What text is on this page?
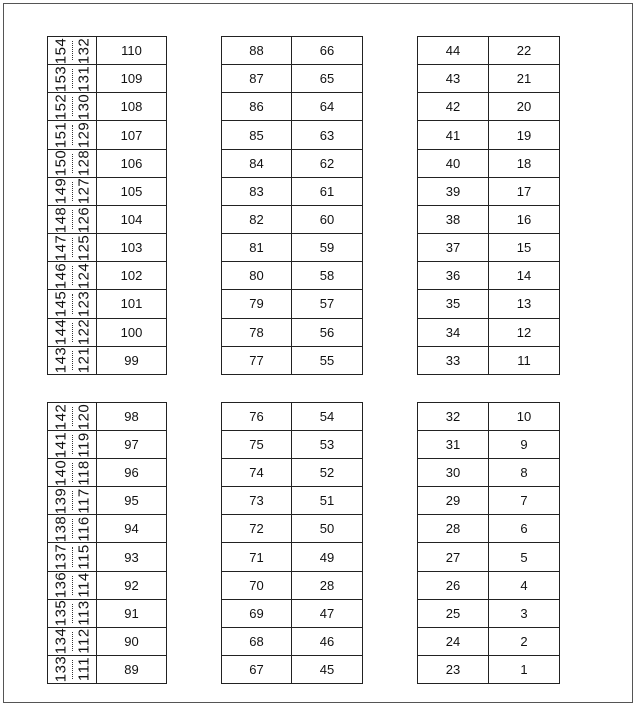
154 132	110

153 131	109

152 130	108

151 129	107

150 128	106

149 127	105

148 126	104

147 125	103

146 124	102

145 123	101

144 122	100

143 121	99
88	66
87	65
86	64
85	63
84	62
83	61
82	60
81	59
80	58
79	57
78	56
77	55
44	22
43	21
42	20
41	19
40	18
39	17
38	16
37	15
36	14
35	13
34	12
33	11
142 120	98

141 119	97

140 118	96

139 117	95

138 116	94

137 115	93

136 114	92

135 113	91

134 112	90

133 111	89
76	54
75	53
74	52
73	51
72	50
71	49
70	28
69	47
68	46
67	45
32	10
31	9
30	8
29	7
28	6
27	5
26	4
25	3
24	2
23	1
